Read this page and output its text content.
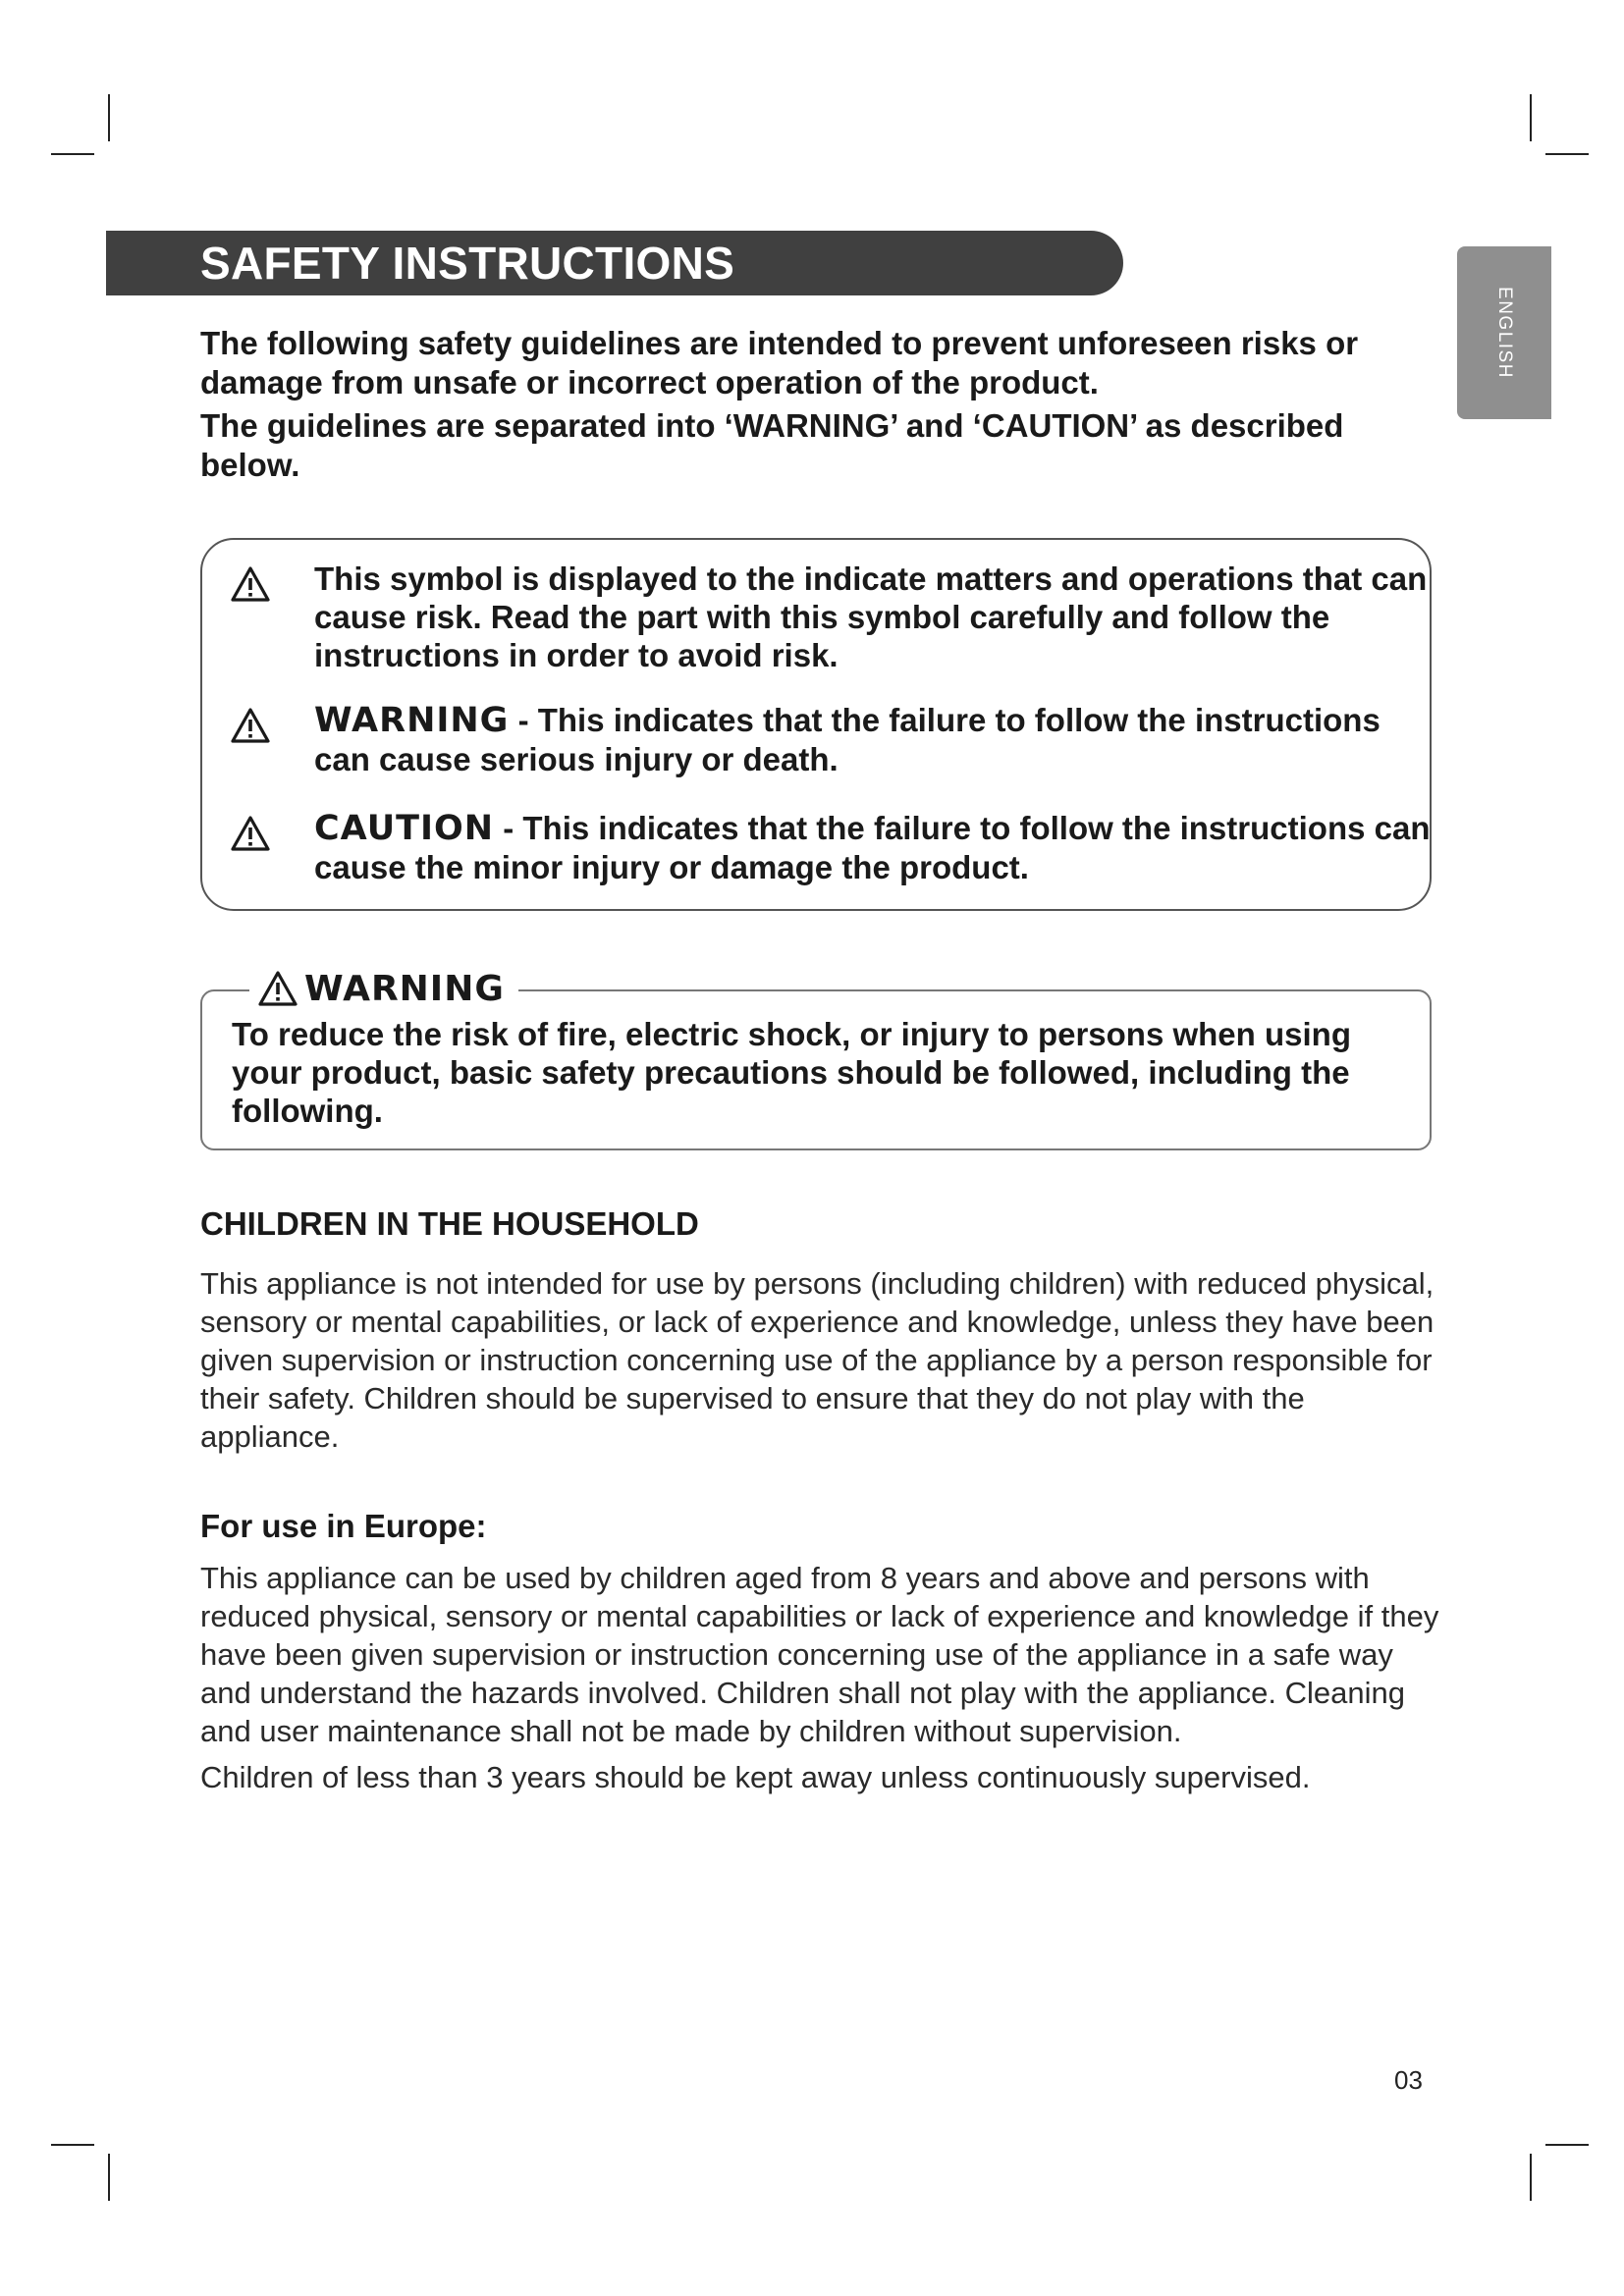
SAFETY INSTRUCTIONS
ENGLISH

The following safety guidelines are intended to prevent unforeseen risks or damage from unsafe or incorrect operation of the product.

The guidelines are separated into ‘WARNING’ and ‘CAUTION’ as described below.

This symbol is displayed to the indicate matters and operations that can cause risk. Read the part with this symbol carefully and follow the instructions in order to avoid risk.
WARNING - This indicates that the failure to follow the instructions can cause serious injury or death.
CAUTION - This indicates that the failure to follow the instructions can cause the minor injury or damage the product.
WARNING

To reduce the risk of fire, electric shock, or injury to persons when using your product, basic safety precautions should be followed, including the following.

CHILDREN IN THE HOUSEHOLD

This appliance is not intended for use by persons (including children) with reduced physical, sensory or mental capabilities, or lack of experience and knowledge, unless they have been given supervision or instruction concerning use of the appliance by a person responsible for their safety. Children should be supervised to ensure that they do not play with the appliance.

For use in Europe:

This appliance can be used by children aged from 8 years and above and persons with reduced physical, sensory or mental capabilities or lack of experience and knowledge if they have been given supervision or instruction concerning use of the appliance in a safe way and understand the hazards involved. Children shall not play with the appliance. Cleaning and user maintenance shall not be made by children without supervision.

Children of less than 3 years should be kept away unless continuously supervised.

03
